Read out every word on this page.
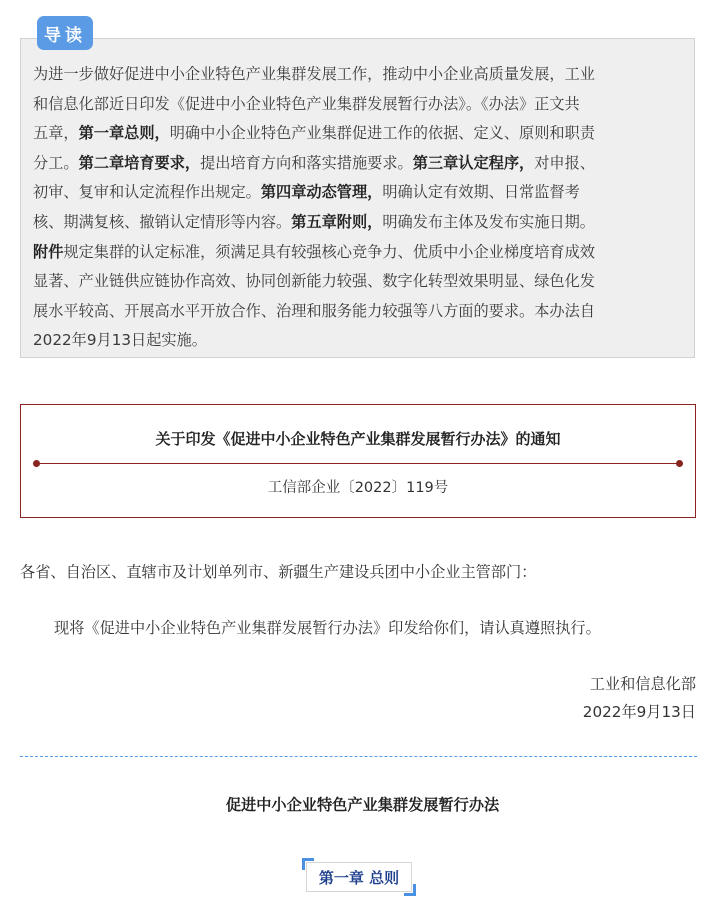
为进一步做好促进中小企业特色产业集群发展工作，推动中小企业高质量发展，工业
和信息化部近日印发《促进中小企业特色产业集群发展暂行办法》。《办法》正文共
五章，第一章总则，明确中小企业特色产业集群促进工作的依据、定义、原则和职责
分工。第二章培育要求，提出培育方向和落实措施要求。第三章认定程序，对申报、
初审、复审和认定流程作出规定。第四章动态管理，明确认定有效期、日常监督考
核、期满复核、撤销认定情形等内容。第五章附则，明确发布主体及发布实施日期。
附件规定集群的认定标准，须满足具有较强核心竞争力、优质中小企业梯度培育成效
显著、产业链供应链协作高效、协同创新能力较强、数字化转型效果明显、绿色化发
展水平较高、开展高水平开放合作、治理和服务能力较强等八方面的要求。本办法自
2022年9月13日起实施。
导读
关于印发《促进中小企业特色产业集群发展暂行办法》的通知
工信部企业〔2022〕119号
各省、自治区、直辖市及计划单列市、新疆生产建设兵团中小企业主管部门：
现将《促进中小企业特色产业集群发展暂行办法》印发给你们，请认真遵照执行。
工业和信息化部
2022年9月13日
促进中小企业特色产业集群发展暂行办法
第一章 总则
